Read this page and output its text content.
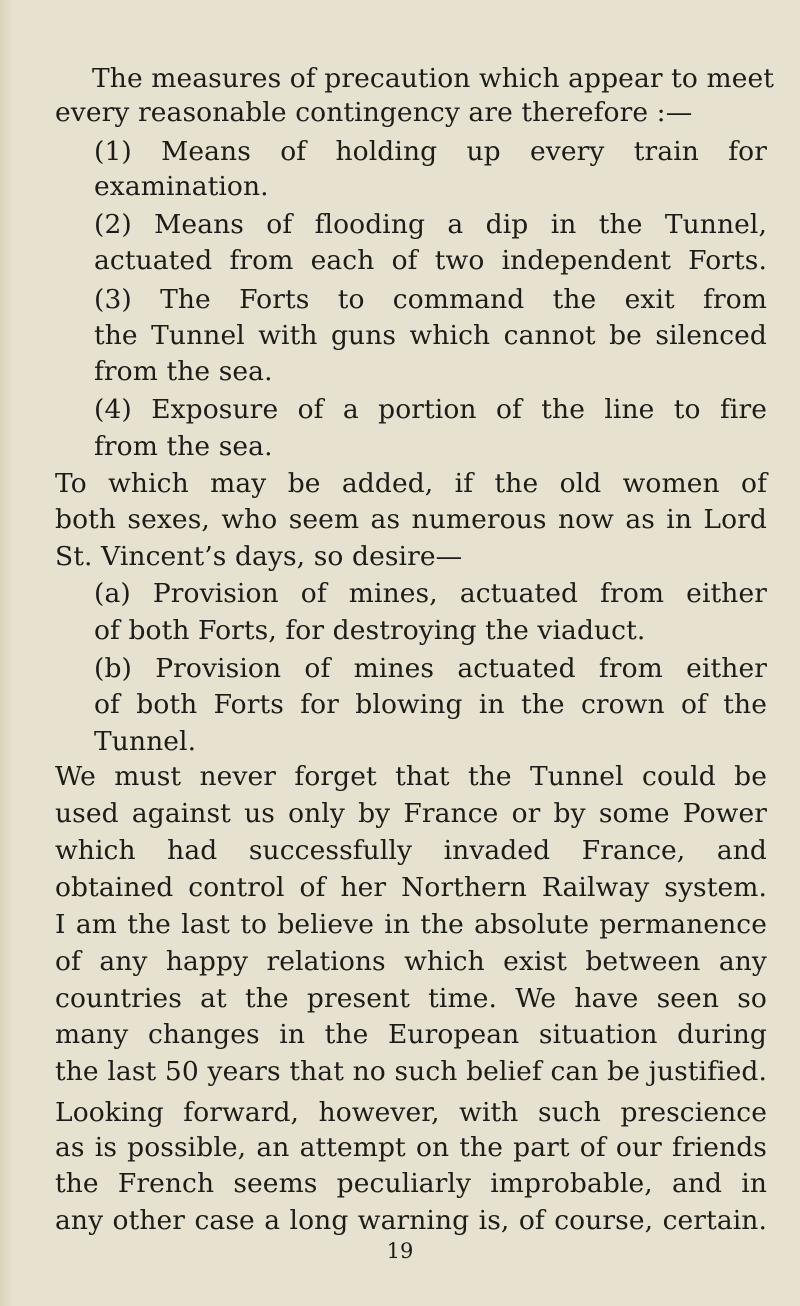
The measures of precaution which appear to meet
every reasonable contingency are therefore :—
(1) Means of holding up every train for
examination.
(2) Means of flooding a dip in the Tunnel,
actuated from each of two independent Forts.
(3) The Forts to command the exit from
the Tunnel with guns which cannot be silenced
from the sea.
(4) Exposure of a portion of the line to fire
from the sea.
To which may be added, if the old women of
both sexes, who seem as numerous now as in Lord
St. Vincent’s days, so desire—
(a) Provision of mines, actuated from either
of both Forts, for destroying the viaduct.
(b) Provision of mines actuated from either
of both Forts for blowing in the crown of the
Tunnel.
We must never forget that the Tunnel could be
used against us only by France or by some Power
which had successfully invaded France, and
obtained control of her Northern Railway system.
I am the last to believe in the absolute permanence
of any happy relations which exist between any
countries at the present time. We have seen so
many changes in the European situation during
the last 50 years that no such belief can be justified.
Looking forward, however, with such prescience
as is possible, an attempt on the part of our friends
the French seems peculiarly improbable, and in
any other case a long warning is, of course, certain.
19
